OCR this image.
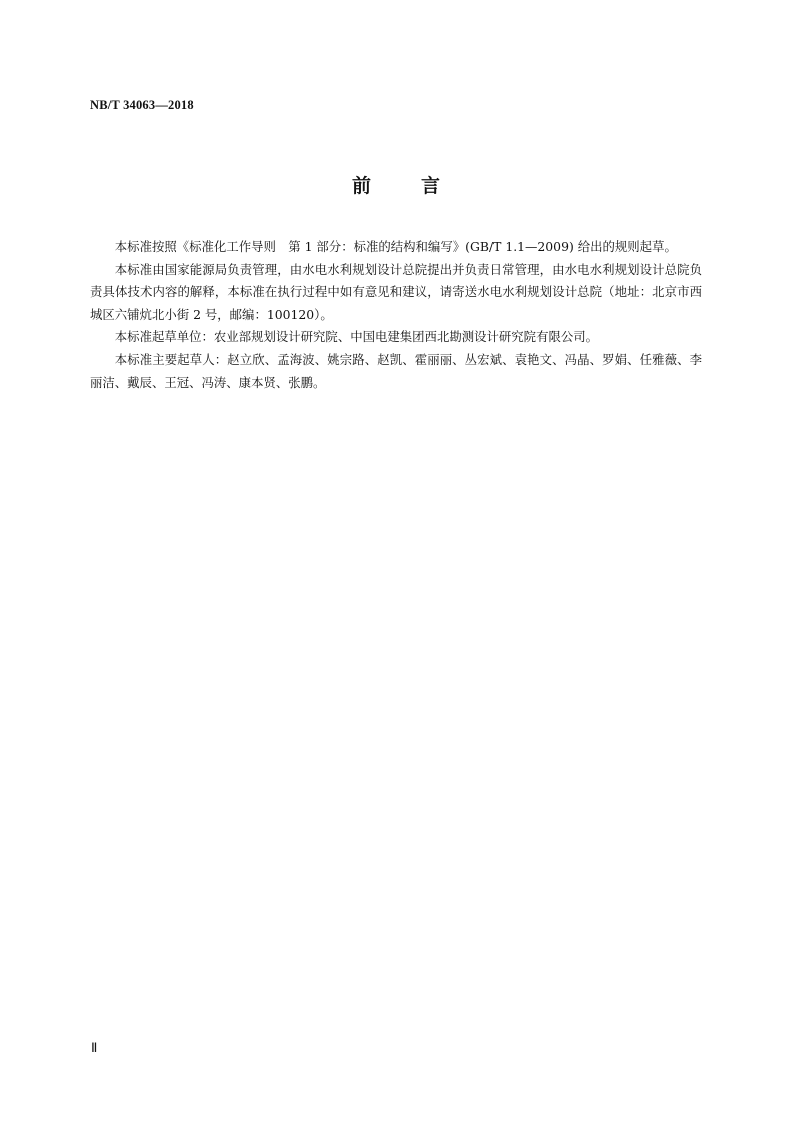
NB/T 34063—2018
前	言

本标准按照《标准化工作导则　第 1 部分：标准的结构和编写》(GB/T 1.1—2009) 给出的规则起草。

本标准由国家能源局负责管理，由水电水利规划设计总院提出并负责日常管理，由水电水利规划设计总院负责具体技术内容的解释，本标准在执行过程中如有意见和建议，请寄送水电水利规划设计总院（地址：北京市西城区六铺炕北小街 2 号，邮编：100120）。

本标准起草单位：农业部规划设计研究院、中国电建集团西北勘测设计研究院有限公司。

本标准主要起草人：赵立欣、孟海波、姚宗路、赵凯、霍丽丽、丛宏斌、袁艳文、冯晶、罗娟、任雅薇、李丽洁、戴辰、王冠、冯涛、康本贤、张鹏。

Ⅱ
